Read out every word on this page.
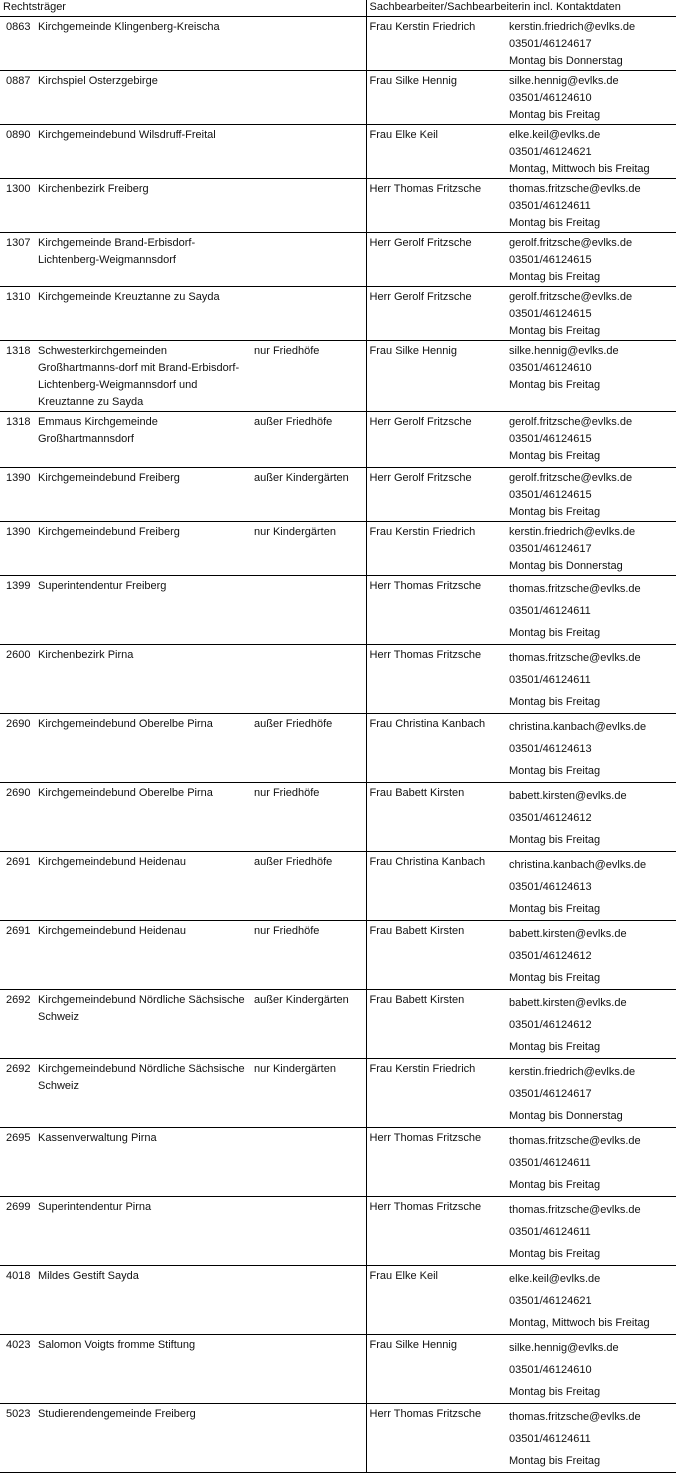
Rechtsträger			Sachbearbeiter/Sachbearbeiterin incl. Kontaktdaten	
0863	Kirchgemeinde Klingenberg-Kreischa		Frau Kerstin Friedrich	kerstin.friedrich@evlks.de
03501/46124617
Montag bis Donnerstag

0887	Kirchspiel Osterzgebirge		Frau Silke Hennig	silke.hennig@evlks.de
03501/46124610
Montag bis Freitag

0890	Kirchgemeindebund Wilsdruff-Freital		Frau Elke Keil	elke.keil@evlks.de
03501/46124621
Montag, Mittwoch bis Freitag

1300	Kirchenbezirk Freiberg		Herr Thomas Fritzsche	thomas.fritzsche@evlks.de
03501/46124611
Montag bis Freitag

1307	Kirchgemeinde Brand-Erbisdorf-Lichtenberg-Weigmannsdorf		Herr Gerolf Fritzsche	gerolf.fritzsche@evlks.de
03501/46124615
Montag bis Freitag

1310	Kirchgemeinde Kreuztanne zu Sayda		Herr Gerolf Fritzsche	gerolf.fritzsche@evlks.de
03501/46124615
Montag bis Freitag

1318	Schwesterkirchgemeinden Großhartmanns-dorf mit Brand-Erbisdorf-Lichtenberg-Weigmannsdorf und Kreuztanne zu Sayda	nur Friedhöfe	Frau Silke Hennig	silke.hennig@evlks.de
03501/46124610
Montag bis Freitag

1318	Emmaus Kirchgemeinde Großhartmannsdorf	außer Friedhöfe	Herr Gerolf Fritzsche	gerolf.fritzsche@evlks.de
03501/46124615
Montag bis Freitag

1390	Kirchgemeindebund Freiberg	außer Kindergärten	Herr Gerolf Fritzsche	gerolf.fritzsche@evlks.de
03501/46124615
Montag bis Freitag

1390	Kirchgemeindebund Freiberg	nur Kindergärten	Frau Kerstin Friedrich	kerstin.friedrich@evlks.de
03501/46124617
Montag bis Donnerstag

1399	Superintendentur Freiberg		Herr Thomas Fritzsche	thomas.fritzsche@evlks.de
03501/46124611
Montag bis Freitag

2600	Kirchenbezirk Pirna		Herr Thomas Fritzsche	thomas.fritzsche@evlks.de
03501/46124611
Montag bis Freitag

2690	Kirchgemeindebund Oberelbe Pirna	außer Friedhöfe	Frau Christina Kanbach	christina.kanbach@evlks.de
03501/46124613
Montag bis Freitag

2690	Kirchgemeindebund Oberelbe Pirna	nur Friedhöfe	Frau Babett Kirsten	babett.kirsten@evlks.de
03501/46124612
Montag bis Freitag

2691	Kirchgemeindebund Heidenau	außer Friedhöfe	Frau Christina Kanbach	christina.kanbach@evlks.de
03501/46124613
Montag bis Freitag

2691	Kirchgemeindebund Heidenau	nur Friedhöfe	Frau Babett Kirsten	babett.kirsten@evlks.de
03501/46124612
Montag bis Freitag

2692	Kirchgemeindebund Nördliche Sächsische Schweiz	außer Kindergärten	Frau Babett Kirsten	babett.kirsten@evlks.de
03501/46124612
Montag bis Freitag

2692	Kirchgemeindebund Nördliche Sächsische Schweiz	nur Kindergärten	Frau Kerstin Friedrich	kerstin.friedrich@evlks.de
03501/46124617
Montag bis Donnerstag

2695	Kassenverwaltung Pirna		Herr Thomas Fritzsche	thomas.fritzsche@evlks.de
03501/46124611
Montag bis Freitag

2699	Superintendentur Pirna		Herr Thomas Fritzsche	thomas.fritzsche@evlks.de
03501/46124611
Montag bis Freitag

4018	Mildes Gestift Sayda		Frau Elke Keil	elke.keil@evlks.de
03501/46124621
Montag, Mittwoch bis Freitag

4023	Salomon Voigts fromme Stiftung		Frau Silke Hennig	silke.hennig@evlks.de
03501/46124610
Montag bis Freitag

5023	Studierendengemeinde Freiberg		Herr Thomas Fritzsche	thomas.fritzsche@evlks.de
03501/46124611
Montag bis Freitag
